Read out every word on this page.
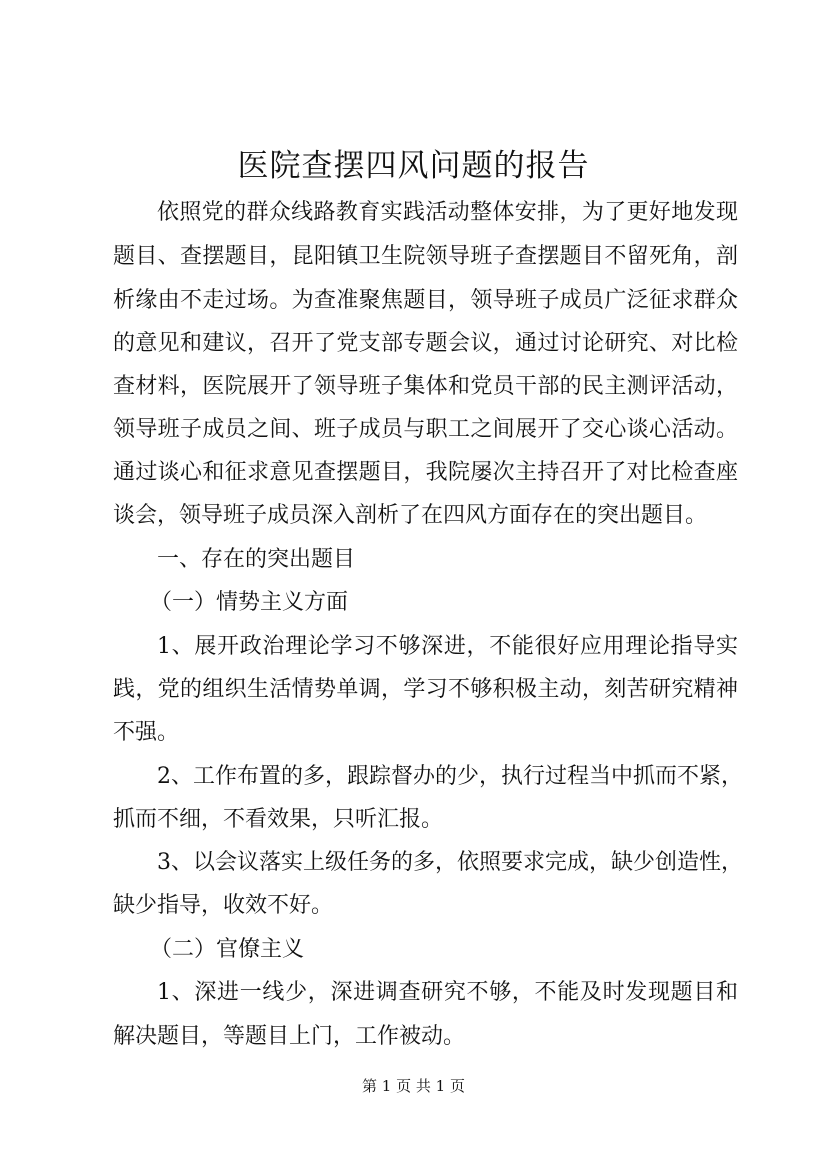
医院查摆四风问题的报告
依照党的群众线路教育实践活动整体安排，为了更好地发现
题目、查摆题目，昆阳镇卫生院领导班子查摆题目不留死角，剖
析缘由不走过场。为查准聚焦题目，领导班子成员广泛征求群众
的意见和建议，召开了党支部专题会议，通过讨论研究、对比检
查材料，医院展开了领导班子集体和党员干部的民主测评活动，
领导班子成员之间、班子成员与职工之间展开了交心谈心活动。
通过谈心和征求意见查摆题目，我院屡次主持召开了对比检查座
谈会，领导班子成员深入剖析了在四风方面存在的突出题目。
一、存在的突出题目
（一）情势主义方面
1、展开政治理论学习不够深进，不能很好应用理论指导实
践，党的组织生活情势单调，学习不够积极主动，刻苦研究精神
不强。
2、工作布置的多，跟踪督办的少，执行过程当中抓而不紧，
抓而不细，不看效果，只听汇报。
3、以会议落实上级任务的多，依照要求完成，缺少创造性，
缺少指导，收效不好。
（二）官僚主义
1、深进一线少，深进调查研究不够，不能及时发现题目和
解决题目，等题目上门，工作被动。
第 1 页 共 1 页
